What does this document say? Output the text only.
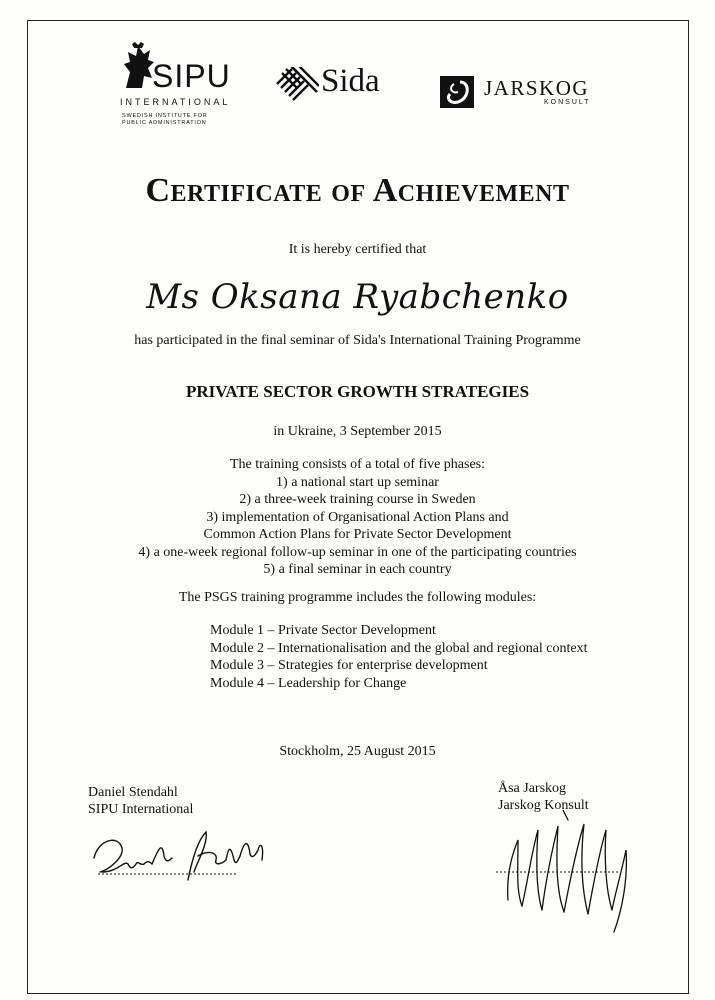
SIPU
INTERNATIONAL
SWEDISH INSTITUTE FOR
PUBLIC ADMINISTRATION
Sida	JARSKOG
KONSULT
Certificate of Achievement
It is hereby certified that
Ms Oksana Ryabchenko
has participated in the final seminar of Sida's International Training Programme
PRIVATE SECTOR GROWTH STRATEGIES
in Ukraine, 3 September 2015
The training consists of a total of five phases:
1) a national start up seminar
2) a three-week training course in Sweden
3) implementation of Organisational Action Plans and
Common Action Plans for Private Sector Development
4) a one-week regional follow-up seminar in one of the participating countries
5) a final seminar in each country
The PSGS training programme includes the following modules:
Module 1 – Private Sector Development
Module 2 – Internationalisation and the global and regional context
Module 3 – Strategies for enterprise development
Module 4 – Leadership for Change
Stockholm, 25 August 2015
Daniel Stendahl
SIPU International
Åsa Jarskog
Jarskog Konsult
